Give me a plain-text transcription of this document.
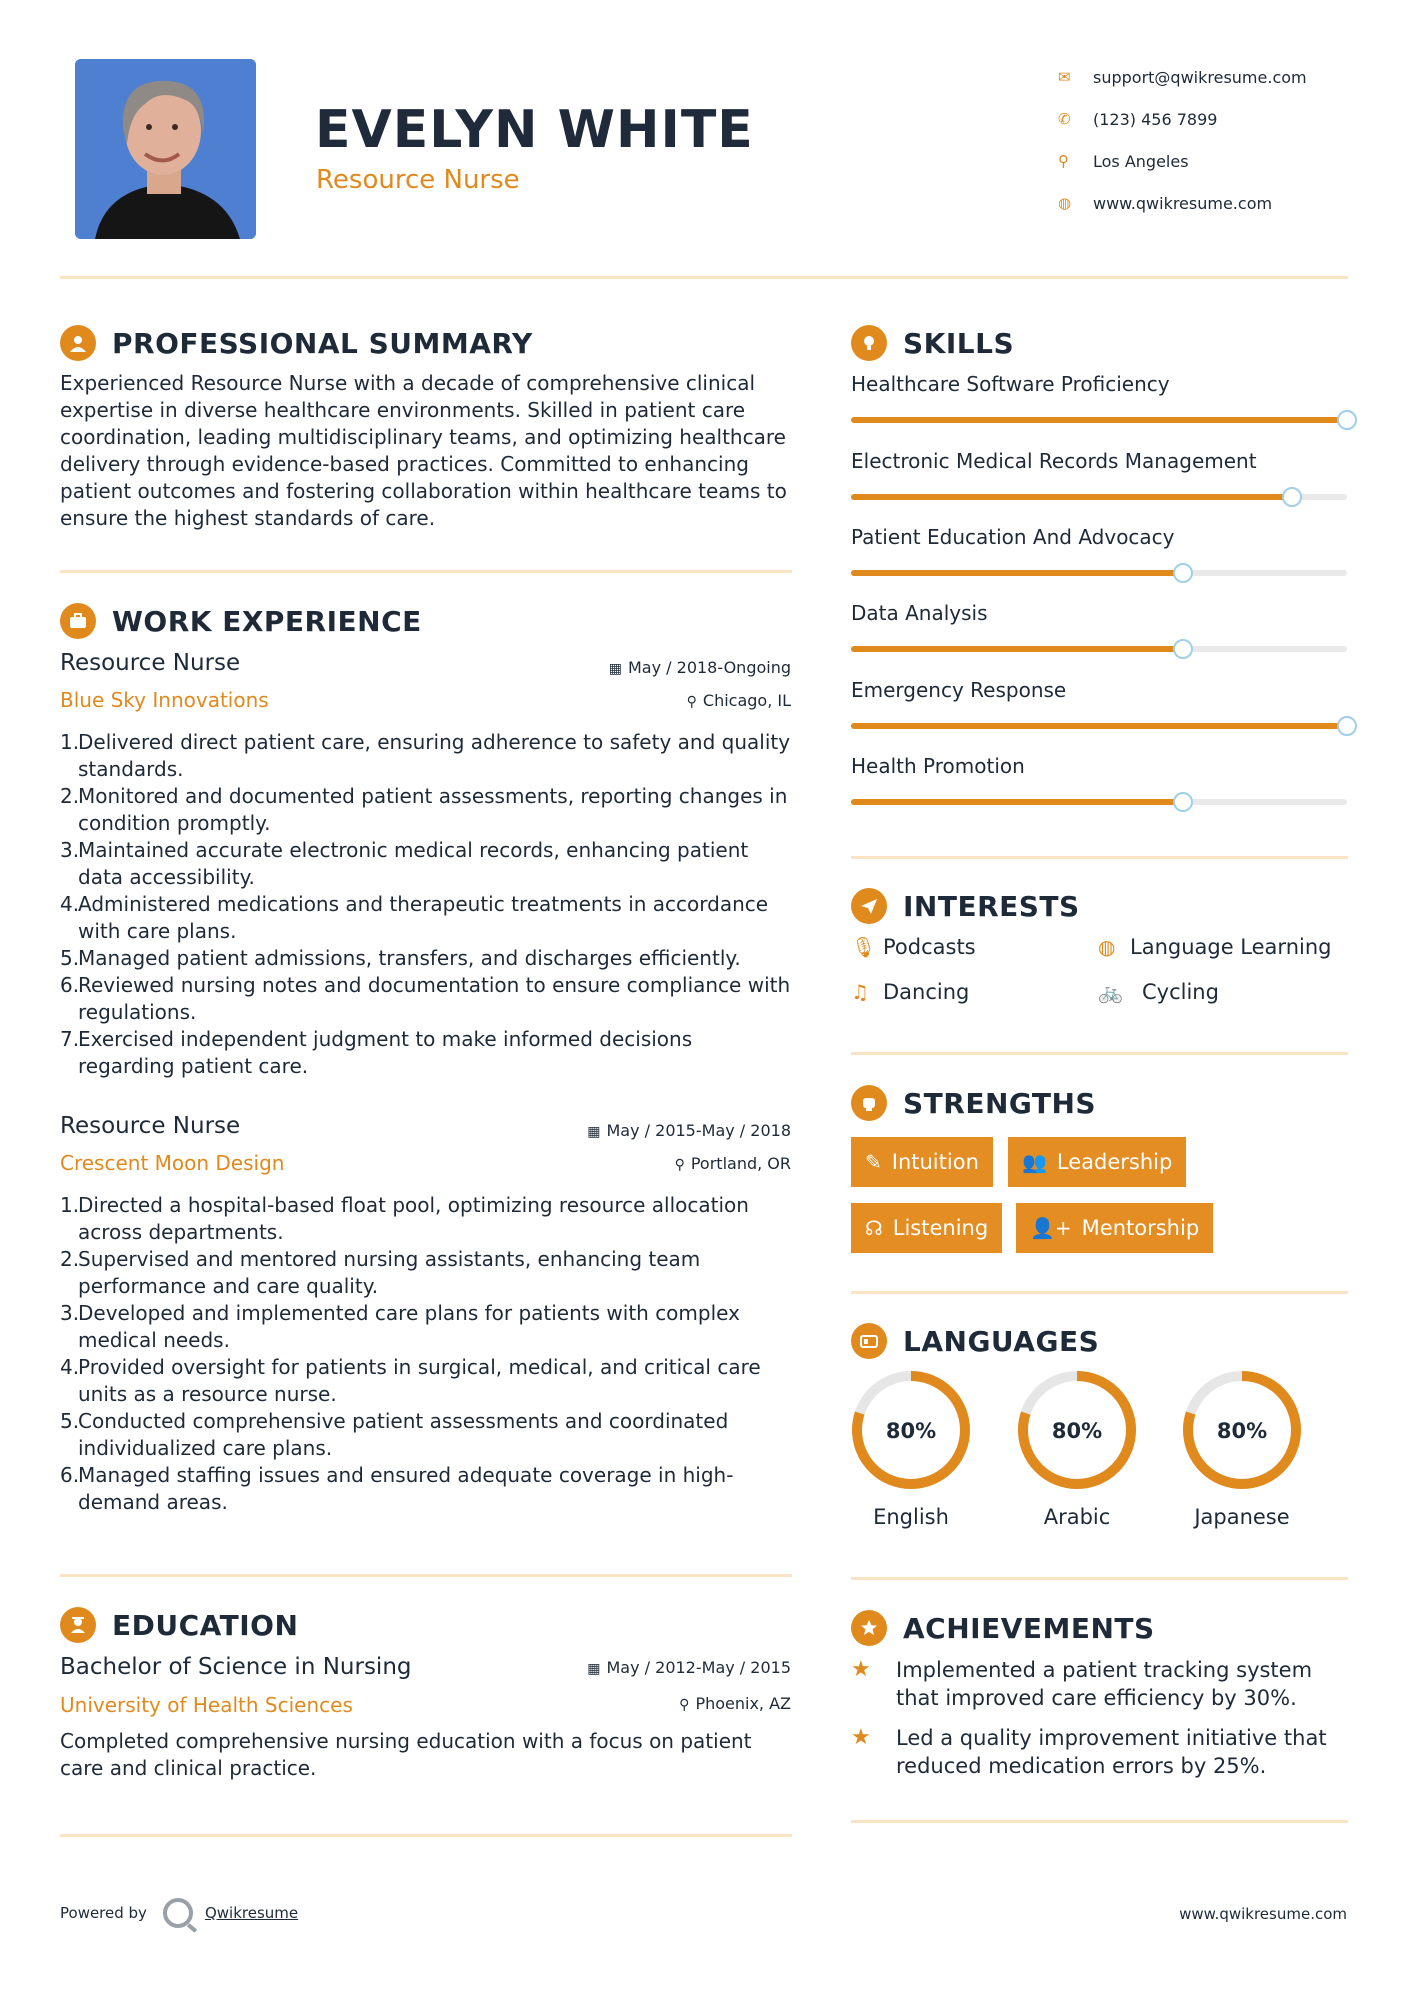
EVELYN WHITE
Resource Nurse
✉	support@qwikresume.com
✆	(123) 456 7899
⚲	Los Angeles
◍	www.qwikresume.com
PROFESSIONAL SUMMARY
Experienced Resource Nurse with a decade of comprehensive clinical expertise in diverse healthcare environments. Skilled in patient care coordination, leading multidisciplinary teams, and optimizing healthcare delivery through evidence-based practices. Committed to enhancing patient outcomes and fostering collaboration within healthcare teams to ensure the highest standards of care.
WORK EXPERIENCE
Resource Nurse	▦ May / 2018-Ongoing
Blue Sky Innovations	⚲ Chicago, IL
1.
Delivered direct patient care, ensuring adherence to safety and quality standards.
2.
Monitored and documented patient assessments, reporting changes in condition promptly.
3.
Maintained accurate electronic medical records, enhancing patient data accessibility.
4.
Administered medications and therapeutic treatments in accordance with care plans.
5.
Managed patient admissions, transfers, and discharges efficiently.
6.
Reviewed nursing notes and documentation to ensure compliance with regulations.
7.
Exercised independent judgment to make informed decisions regarding patient care.
Resource Nurse	▦ May / 2015-May / 2018
Crescent Moon Design	⚲ Portland, OR
1.
Directed a hospital-based float pool, optimizing resource allocation across departments.
2.
Supervised and mentored nursing assistants, enhancing team performance and care quality.
3.
Developed and implemented care plans for patients with complex medical needs.
4.
Provided oversight for patients in surgical, medical, and critical care units as a resource nurse.
5.
Conducted comprehensive patient assessments and coordinated individualized care plans.
6.
Managed staffing issues and ensured adequate coverage in high-demand areas.
EDUCATION
Bachelor of Science in Nursing	▦ May / 2012-May / 2015
University of Health Sciences	⚲ Phoenix, AZ
Completed comprehensive nursing education with a focus on patient care and clinical practice.
SKILLS
Healthcare Software Proficiency
Electronic Medical Records Management
Patient Education And Advocacy
Data Analysis
Emergency Response
Health Promotion
INTERESTS
🎙 Podcasts	◍ Language Learning
♫ Dancing	🚲 Cycling
STRENGTHS
✎ Intuition 👥 Leadership
☊ Listening 👤+ Mentorship
LANGUAGES
80%
English
80%
Arabic
80%
Japanese
ACHIEVEMENTS
★	Implemented a patient tracking system that improved care efficiency by 30%.
★	Led a quality improvement initiative that reduced medication errors by 25%.
Powered by	Qwikresume	www.qwikresume.com
